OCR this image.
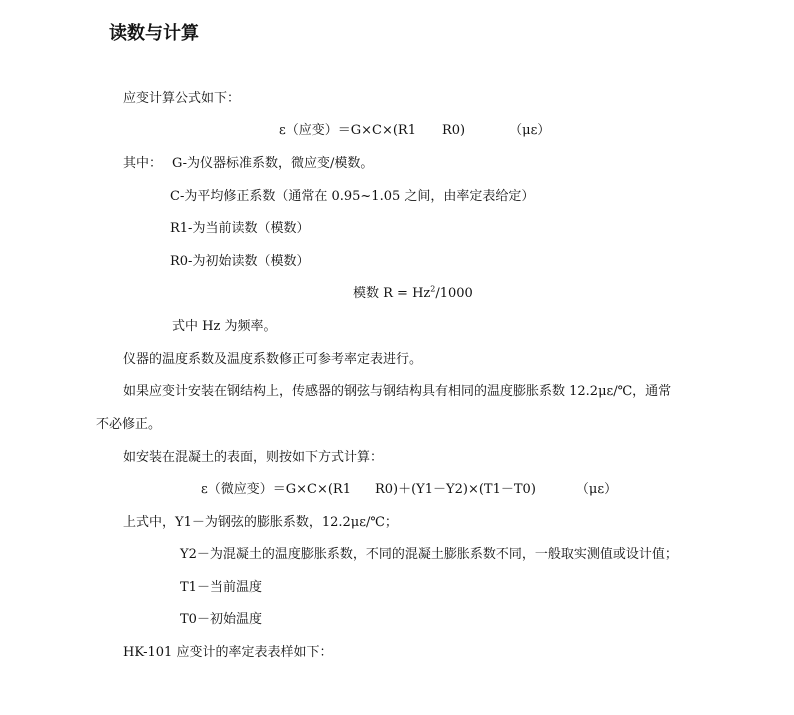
读数与计算
应变计算公式如下：
ε（应变）＝G×C×(R1 R0)	（με）
其中： G-为仪器标准系数，微应变/模数。
C-为平均修正系数（通常在 0.95~1.05 之间，由率定表给定）
R1-为当前读数（模数）
R0-为初始读数（模数）
模数 $R = Hz^2/1000$
式中 Hz 为频率。
仪器的温度系数及温度系数修正可参考率定表进行。
如果应变计安装在钢结构上，传感器的钢弦与钢结构具有相同的温度膨胀系数 12.2με/℃，通常
不必修正。
如安装在混凝土的表面，则按如下方式计算：
ε（微应变）＝G×C×(R1 R0)＋(Y1－Y2)×(T1－T0)	（με）
上式中，Y1－为钢弦的膨胀系数，12.2με/℃；
Y2－为混凝土的温度膨胀系数，不同的混凝土膨胀系数不同，一般取实测值或设计值；
T1－当前温度
T0－初始温度
HK-101 应变计的率定表表样如下：
